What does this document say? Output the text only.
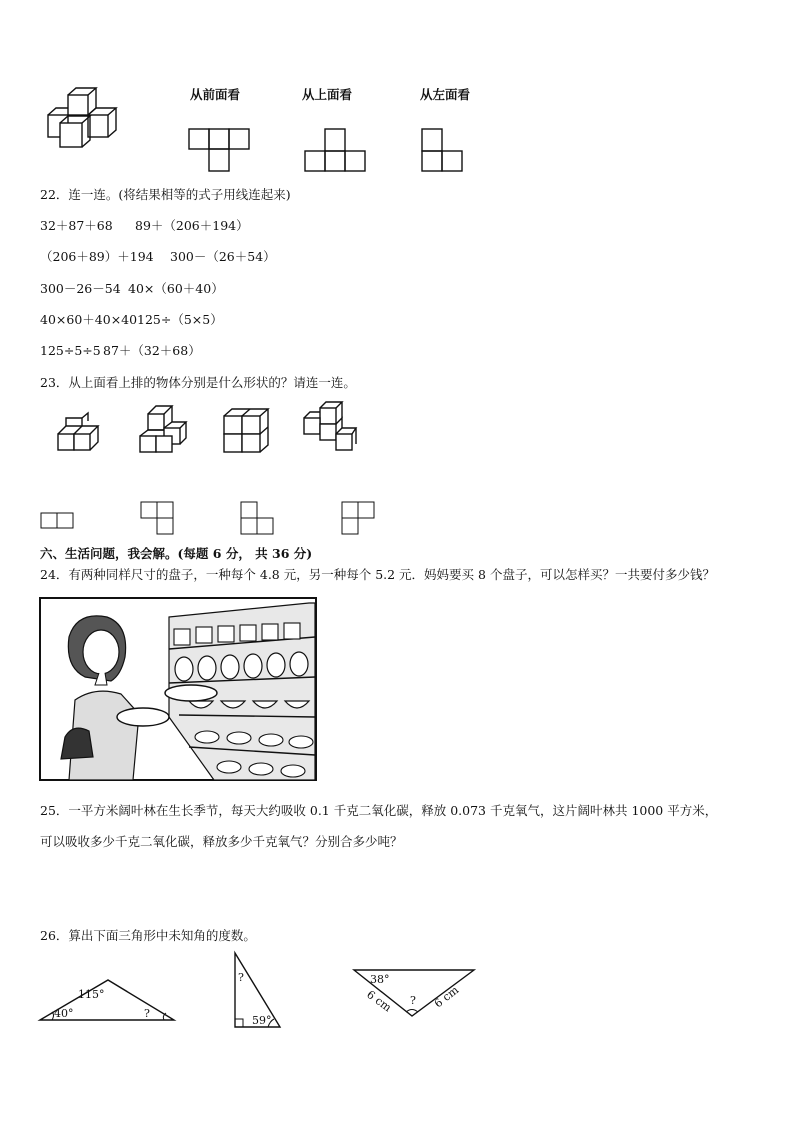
从前面看	从上面看	从左面看
22．连一连。(将结果相等的式子用线连起来)
32＋87＋68 89＋（206＋194）
（206＋89）＋194 300－（26＋54）
300－26－54 40×（60＋40）
40×60＋40×40 125÷（5×5）
125÷5÷5 87＋（32＋68）
23．从上面看上排的物体分别是什么形状的？请连一连。
六、生活问题，我会解。(每题 6 分， 共 36 分)
24．有两种同样尺寸的盘子，一种每个 4.8 元，另一种每个 5.2 元．妈妈要买 8 个盘子，可以怎样买？一共要付多少钱？
25．一平方米阔叶林在生长季节，每天大约吸收 0.1 千克二氧化碳，释放 0.073 千克氧气，这片阔叶林共 1000 平方米，
可以吸收多少千克二氧化碳，释放多少千克氧气？分别合多少吨？
26．算出下面三角形中未知角的度数。
115°
40°	?
?
59°
38°
?
6 cm	6 cm
